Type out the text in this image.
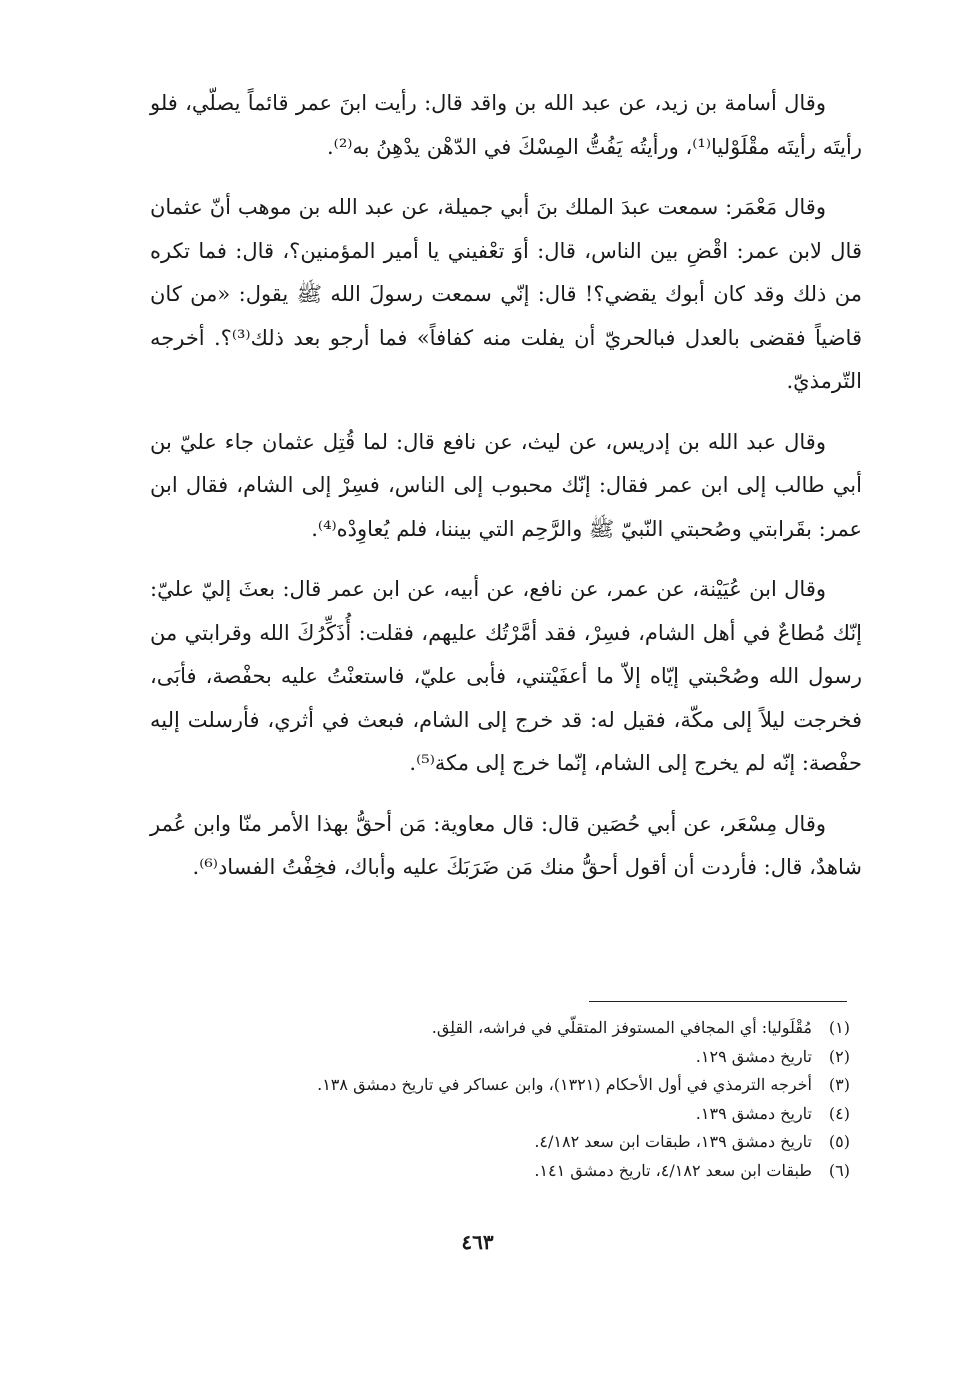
وقال أسامة بن زيد، عن عبد الله بن واقد قال: رأيت ابنَ عمر قائماً يصلّي، فلو رأيتَه رأيتَه مقْلَوْليا⁽¹⁾، ورأيتُه يَفُتُّ المِسْكَ في الدّهْن يدْهِنُ به⁽²⁾.

وقال مَعْمَر: سمعت عبدَ الملك بنَ أبي جميلة، عن عبد الله بن موهب أنّ عثمان قال لابن عمر: اقْضِ بين الناس، قال: أوَ تعْفيني يا أمير المؤمنين؟، قال: فما تكره من ذلك وقد كان أبوك يقضي؟! قال: إنّي سمعت رسولَ الله ﷺ يقول: «من كان قاضياً فقضى بالعدل فبالحريّ أن يفلت منه كفافاً» فما أرجو بعد ذلك⁽³⁾؟. أخرجه التّرمذيّ.

وقال عبد الله بن إدريس، عن ليث، عن نافع قال: لما قُتِل عثمان جاء عليّ بن أبي طالب إلى ابن عمر فقال: إنّك محبوب إلى الناس، فسِرْ إلى الشام، فقال ابن عمر: بقَرابتي وصُحبتي النّبيّ ﷺ والرَّحِم التي بيننا، فلم يُعاوِدْه⁽⁴⁾.

وقال ابن عُيَيْنة، عن عمر، عن نافع، عن أبيه، عن ابن عمر قال: بعثَ إليّ عليّ: إنّك مُطاعٌ في أهل الشام، فسِرْ، فقد أمَّرْتُك عليهم، فقلت: أُذَكِّرُكَ الله وقرابتي من رسول الله وصُحْبتي إيّاه إلاّ ما أعفَيْتني، فأبى عليّ، فاستعنْتُ عليه بحفْصة، فأبَى، فخرجت ليلاً إلى مكّة، فقيل له: قد خرج إلى الشام، فبعث في أثري، فأرسلت إليه حفْصة: إنّه لم يخرج إلى الشام، إنّما خرج إلى مكة⁽⁵⁾.

وقال مِسْعَر، عن أبي حُصَين قال: قال معاوية: مَن أحقُّ بهذا الأمر منّا وابن عُمر شاهدٌ، قال: فأردت أن أقول أحقُّ منك مَن ضَرَبَكَ عليه وأباك، فخِفْتُ الفساد⁽⁶⁾.

(١)مُقْلَوليا: أي المجافي المستوفز المتقلّي في فراشه، القلِق.
(٢)تاريخ دمشق ١٢٩.
(٣)أخرجه الترمذي في أول الأحكام (١٣٢١)، وابن عساكر في تاريخ دمشق ١٣٨.
(٤)تاريخ دمشق ١٣٩.
(٥)تاريخ دمشق ١٣٩، طبقات ابن سعد ٤/١٨٢.
(٦)طبقات ابن سعد ٤/١٨٢، تاريخ دمشق ١٤١.
٤٦٣
